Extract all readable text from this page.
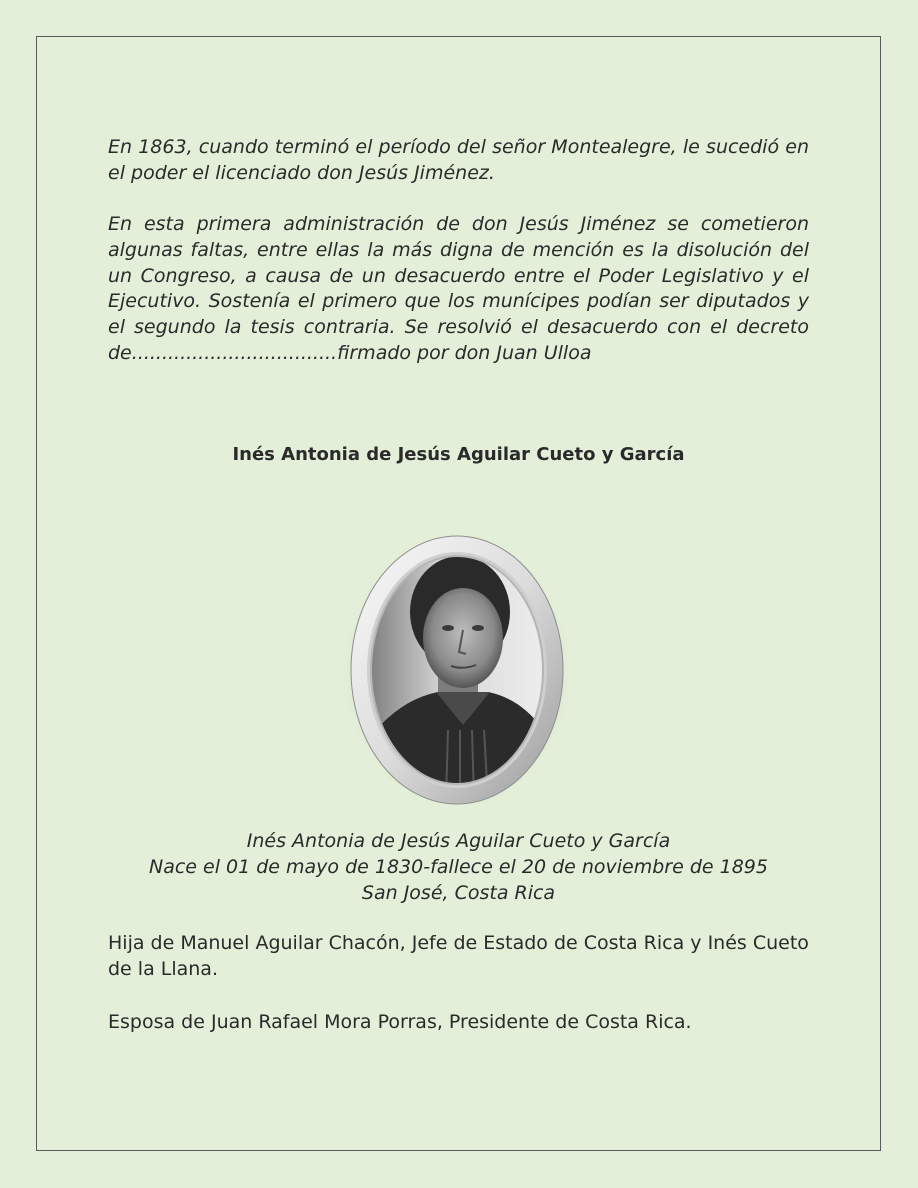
En 1863, cuando terminó el período del señor Montealegre, le sucedió en el poder el licenciado don Jesús Jiménez.

En esta primera administración de don Jesús Jiménez se cometieron algunas faltas, entre ellas la más digna de mención es la disolución del un Congreso, a causa de un desacuerdo entre el Poder Legislativo y el Ejecutivo. Sostenía el primero que los munícipes podían ser diputados y el segundo la tesis contraria. Se resolvió el desacuerdo con el decreto de..................................firmado por don Juan Ulloa

Inés Antonia de Jesús Aguilar Cueto y García
Inés Antonia de Jesús Aguilar Cueto y García
Nace el 01 de mayo de 1830-fallece el 20 de noviembre de 1895
San José, Costa Rica

Hija de Manuel Aguilar Chacón, Jefe de Estado de Costa Rica y Inés Cueto de la Llana.

Esposa de Juan Rafael Mora Porras, Presidente de Costa Rica.
